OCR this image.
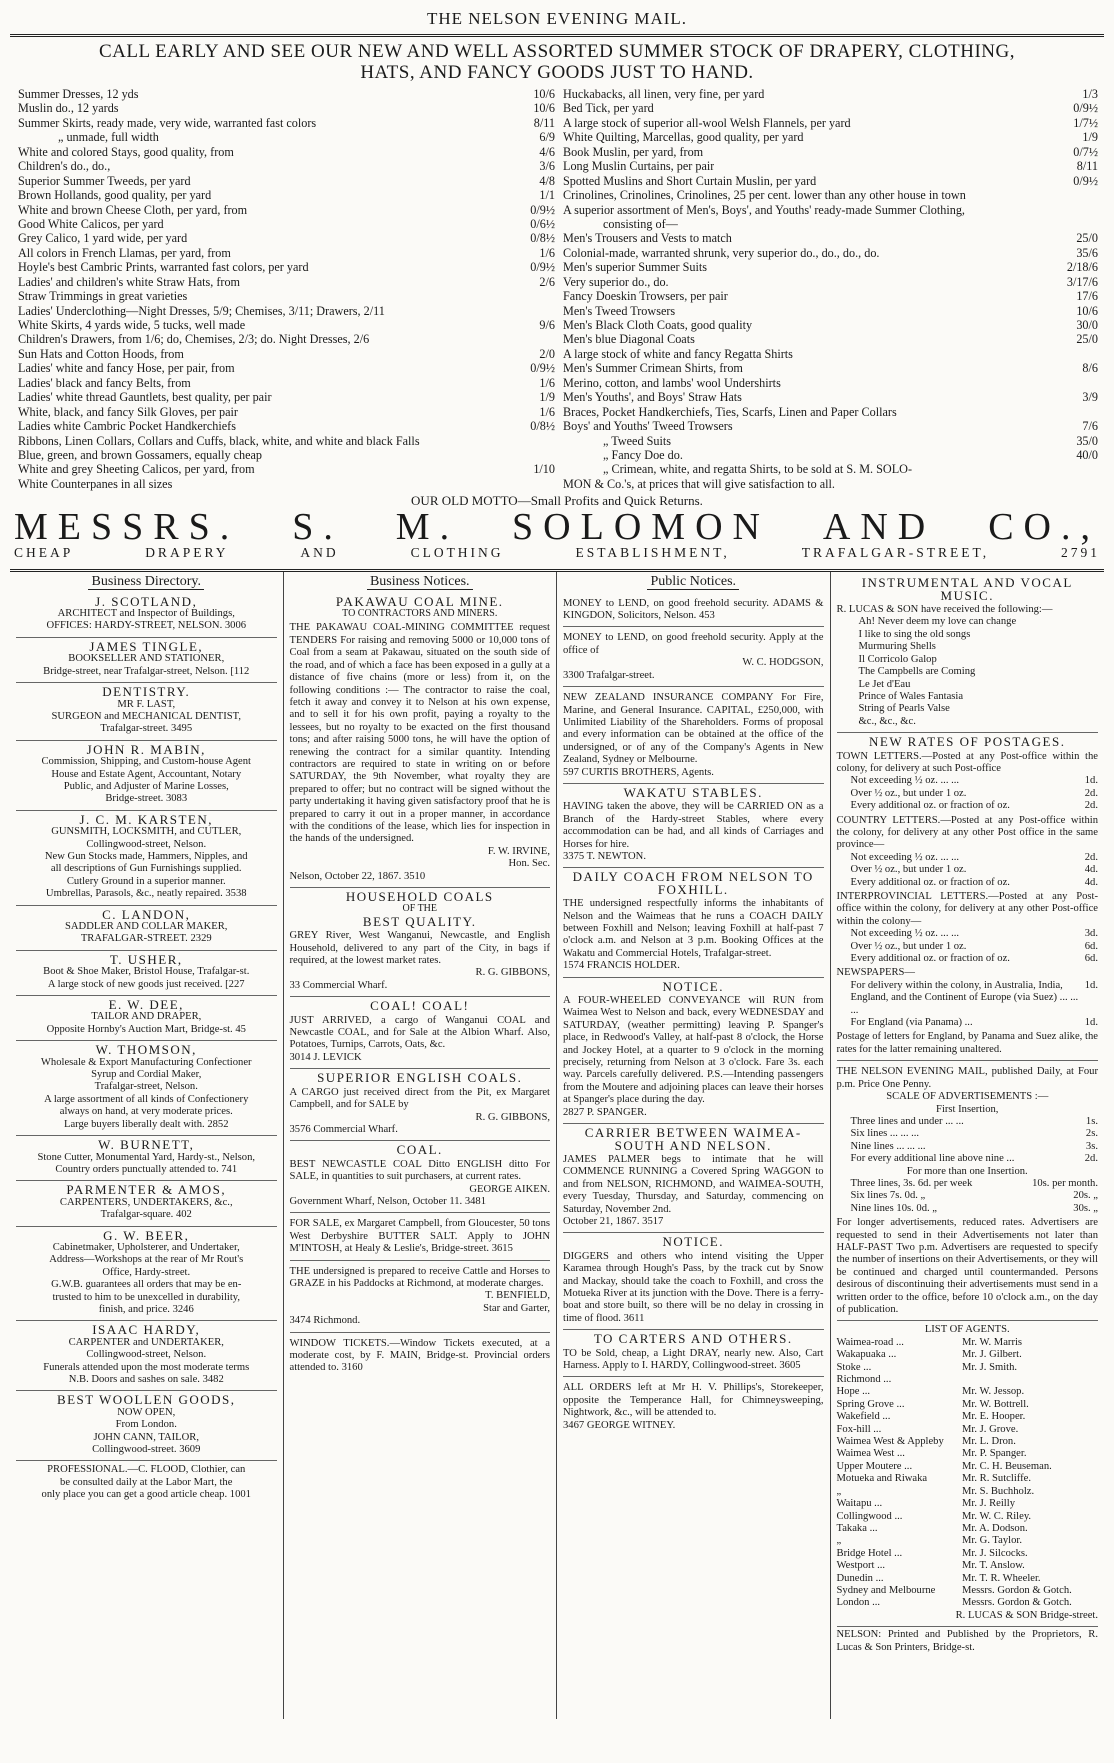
THE NELSON EVENING MAIL.
CALL EARLY AND SEE OUR NEW AND WELL ASSORTED SUMMER STOCK OF DRAPERY, CLOTHING,
HATS, AND FANCY GOODS JUST TO HAND.
Summer Dresses, 12 yds	10/6
Muslin do., 12 yards	10/6
Summer Skirts, ready made, very wide, warranted fast colors	8/11
„ unmade, full width	6/9
White and colored Stays, good quality, from	4/6
Children's do., do.,	3/6
Superior Summer Tweeds, per yard	4/8
Brown Hollands, good quality, per yard	1/1
White and brown Cheese Cloth, per yard, from	0/9½
Good White Calicos, per yard	0/6½
Grey Calico, 1 yard wide, per yard	0/8½
All colors in French Llamas, per yard, from	1/6
Hoyle's best Cambric Prints, warranted fast colors, per yard	0/9½
Ladies' and children's white Straw Hats, from	2/6
Straw Trimmings in great varieties
Ladies' Underclothing—Night Dresses, 5/9; Chemises, 3/11; Drawers, 2/11
White Skirts, 4 yards wide, 5 tucks, well made	9/6
Children's Drawers, from 1/6; do, Chemises, 2/3; do. Night Dresses, 2/6
Sun Hats and Cotton Hoods, from	2/0
Ladies' white and fancy Hose, per pair, from	0/9½
Ladies' black and fancy Belts, from	1/6
Ladies' white thread Gauntlets, best quality, per pair	1/9
White, black, and fancy Silk Gloves, per pair	1/6
Ladies white Cambric Pocket Handkerchiefs	0/8½
Ribbons, Linen Collars, Collars and Cuffs, black, white, and white and black Falls
Blue, green, and brown Gossamers, equally cheap
White and grey Sheeting Calicos, per yard, from	1/10
White Counterpanes in all sizes
Huckabacks, all linen, very fine, per yard	1/3
Bed Tick, per yard	0/9½
A large stock of superior all-wool Welsh Flannels, per yard	1/7½
White Quilting, Marcellas, good quality, per yard	1/9
Book Muslin, per yard, from	0/7½
Long Muslin Curtains, per pair	8/11
Spotted Muslins and Short Curtain Muslin, per yard	0/9½
Crinolines, Crinolines, Crinolines, 25 per cent. lower than any other house in town
A superior assortment of Men's, Boys', and Youths' ready-made Summer Clothing,
consisting of—
Men's Trousers and Vests to match	25/0
Colonial-made, warranted shrunk, very superior do., do., do., do.	35/6
Men's superior Summer Suits	2/18/6
Very superior do., do.	3/17/6
Fancy Doeskin Trowsers, per pair	17/6
Men's Tweed Trowsers	10/6
Men's Black Cloth Coats, good quality	30/0
Men's blue Diagonal Coats	25/0
A large stock of white and fancy Regatta Shirts
Men's Summer Crimean Shirts, from	8/6
Merino, cotton, and lambs' wool Undershirts
Men's Youths', and Boys' Straw Hats	3/9
Braces, Pocket Handkerchiefs, Ties, Scarfs, Linen and Paper Collars
Boys' and Youths' Tweed Trowsers	7/6
„ Tweed Suits	35/0
„ Fancy Doe do.	40/0
„ Crimean, white, and regatta Shirts, to be sold at S. M. SOLO-
MON & Co.'s, at prices that will give satisfaction to all.
OUR OLD MOTTO—Small Profits and Quick Returns.
MESSRS. S. M. SOLOMON AND CO.,
CHEAP	DRAPERY	AND	CLOTHING	ESTABLISHMENT,	TRAFALGAR-STREET,	2791
Business Directory.
J. SCOTLAND,
ARCHITECT and Inspector of Buildings,
OFFICES: HARDY-STREET, NELSON. 3006
JAMES TINGLE,
BOOKSELLER AND STATIONER,
Bridge-street, near Trafalgar-street, Nelson. [112
DENTISTRY.
MR F. LAST,
SURGEON and MECHANICAL DENTIST,
Trafalgar-street. 3495
JOHN R. MABIN,
Commission, Shipping, and Custom-house Agent
House and Estate Agent, Accountant, Notary
Public, and Adjuster of Marine Losses,
Bridge-street. 3083
J. C. M. KARSTEN,
GUNSMITH, LOCKSMITH, and CUTLER,
Collingwood-street, Nelson.
New Gun Stocks made, Hammers, Nipples, and
all descriptions of Gun Furnishings supplied.
Cutlery Ground in a superior manner.
Umbrellas, Parasols, &c., neatly repaired. 3538
C. LANDON,
SADDLER AND COLLAR MAKER,
TRAFALGAR-STREET. 2329
T. USHER,
Boot & Shoe Maker, Bristol House, Trafalgar-st.
A large stock of new goods just received. [227
E. W. DEE,
TAILOR AND DRAPER,
Opposite Hornby's Auction Mart, Bridge-st. 45
W. THOMSON,
Wholesale & Export Manufacturing Confectioner
Syrup and Cordial Maker,
Trafalgar-street, Nelson.
A large assortment of all kinds of Confectionery
always on hand, at very moderate prices.
Large buyers liberally dealt with. 2852
W. BURNETT,
Stone Cutter, Monumental Yard, Hardy-st., Nelson,
Country orders punctually attended to. 741
PARMENTER & AMOS,
CARPENTERS, UNDERTAKERS, &c.,
Trafalgar-square. 402
G. W. BEER,
Cabinetmaker, Upholsterer, and Undertaker,
Address—Workshops at the rear of Mr Rout's
Office, Hardy-street.
G.W.B. guarantees all orders that may be en-
trusted to him to be unexcelled in durability,
finish, and price. 3246
ISAAC HARDY,
CARPENTER and UNDERTAKER,
Collingwood-street, Nelson.
Funerals attended upon the most moderate terms
N.B. Doors and sashes on sale. 3482
BEST WOOLLEN GOODS,
NOW OPEN,
From London.
JOHN CANN, TAILOR,
Collingwood-street. 3609
PROFESSIONAL.—C. FLOOD, Clothier, can
be consulted daily at the Labor Mart, the
only place you can get a good article cheap. 1001
Business Notices.
PAKAWAU COAL MINE.
TO CONTRACTORS AND MINERS.
THE PAKAWAU COAL-MINING COMMITTEE request TENDERS For raising and removing 5000 or 10,000 tons of Coal from a seam at Pakawau, situated on the south side of the road, and of which a face has been exposed in a gully at a distance of five chains (more or less) from it, on the following conditions :— The contractor to raise the coal, fetch it away and convey it to Nelson at his own expense, and to sell it for his own profit, paying a royalty to the lessees, but no royalty to be exacted on the first thousand tons; and after raising 5000 tons, he will have the option of renewing the contract for a similar quantity. Intending contractors are required to state in writing on or before SATURDAY, the 9th November, what royalty they are prepared to offer; but no contract will be signed without the party undertaking it having given satisfactory proof that he is prepared to carry it out in a proper manner, in accordance with the conditions of the lease, which lies for inspection in the hands of the undersigned.
F. W. IRVINE,
Hon. Sec.
Nelson, October 22, 1867. 3510
HOUSEHOLD COALS
OF THE
BEST QUALITY.
GREY River, West Wanganui, Newcastle, and English Household, delivered to any part of the City, in bags if required, at the lowest market rates.
R. G. GIBBONS,
33 Commercial Wharf.
COAL! COAL!
JUST ARRIVED, a cargo of Wanganui COAL and Newcastle COAL, and for Sale at the Albion Wharf. Also, Potatoes, Turnips, Carrots, Oats, &c.
3014 J. LEVICK
SUPERIOR ENGLISH COALS.
A CARGO just received direct from the Pit, ex Margaret Campbell, and for SALE by
R. G. GIBBONS,
3576 Commercial Wharf.
COAL.
BEST NEWCASTLE COAL Ditto ENGLISH ditto For SALE, in quantities to suit purchasers, at current rates.
GEORGE AIKEN.
Government Wharf, Nelson, October 11. 3481
FOR SALE, ex Margaret Campbell, from Gloucester, 50 tons West Derbyshire BUTTER SALT. Apply to JOHN M'INTOSH, at Healy & Leslie's, Bridge-street. 3615
THE undersigned is prepared to receive Cattle and Horses to GRAZE in his Paddocks at Richmond, at moderate charges.
T. BENFIELD,
Star and Garter,
3474 Richmond.
WINDOW TICKETS.—Window Tickets executed, at a moderate cost, by F. MAIN, Bridge-st. Provincial orders attended to. 3160
Public Notices.
MONEY to LEND, on good freehold security. ADAMS & KINGDON, Solicitors, Nelson. 453
MONEY to LEND, on good freehold security. Apply at the office of
W. C. HODGSON,
3300 Trafalgar-street.
NEW ZEALAND INSURANCE COMPANY For Fire, Marine, and General Insurance. CAPITAL, £250,000, with Unlimited Liability of the Shareholders. Forms of proposal and every information can be obtained at the office of the undersigned, or of any of the Company's Agents in New Zealand, Sydney or Melbourne.
597 CURTIS BROTHERS, Agents.
WAKATU STABLES.
HAVING taken the above, they will be CARRIED ON as a Branch of the Hardy-street Stables, where every accommodation can be had, and all kinds of Carriages and Horses for hire.
3375 T. NEWTON.
DAILY COACH FROM NELSON TO FOXHILL.
THE undersigned respectfully informs the inhabitants of Nelson and the Waimeas that he runs a COACH DAILY between Foxhill and Nelson; leaving Foxhill at half-past 7 o'clock a.m. and Nelson at 3 p.m. Booking Offices at the Wakatu and Commercial Hotels, Trafalgar-street.
1574 FRANCIS HOLDER.
NOTICE.
A FOUR-WHEELED CONVEYANCE will RUN from Waimea West to Nelson and back, every WEDNESDAY and SATURDAY, (weather permitting) leaving P. Spanger's place, in Redwood's Valley, at half-past 8 o'clock, the Horse and Jockey Hotel, at a quarter to 9 o'clock in the morning precisely, returning from Nelson at 3 o'clock. Fare 3s. each way. Parcels carefully delivered. P.S.—Intending passengers from the Moutere and adjoining places can leave their horses at Spanger's place during the day.
2827 P. SPANGER.
CARRIER BETWEEN WAIMEA-SOUTH AND NELSON.
JAMES PALMER begs to intimate that he will COMMENCE RUNNING a Covered Spring WAGGON to and from NELSON, RICHMOND, and WAIMEA-SOUTH, every Tuesday, Thursday, and Saturday, commencing on Saturday, November 2nd.
October 21, 1867. 3517
NOTICE.
DIGGERS and others who intend visiting the Upper Karamea through Hough's Pass, by the track cut by Snow and Mackay, should take the coach to Foxhill, and cross the Motueka River at its junction with the Dove. There is a ferry-boat and store built, so there will be no delay in crossing in time of flood. 3611
TO CARTERS AND OTHERS.
TO be Sold, cheap, a Light DRAY, nearly new. Also, Cart Harness. Apply to I. HARDY, Collingwood-street. 3605
ALL ORDERS left at Mr H. V. Phillips's, Storekeeper, opposite the Temperance Hall, for Chimneysweeping, Nightwork, &c., will be attended to.
3467 GEORGE WITNEY.
INSTRUMENTAL AND VOCAL MUSIC.
R. LUCAS & SON have received the following:—
Ah! Never deem my love can change
I like to sing the old songs
Murmuring Shells
Il Corricolo Galop
The Campbells are Coming
Le Jet d'Eau
Prince of Wales Fantasia
String of Pearls Valse
&c., &c., &c.
NEW RATES OF POSTAGES.
TOWN LETTERS.—Posted at any Post-office within the colony, for delivery at such Post-office
Not exceeding ½ oz. ... ...	1d.
Over ½ oz., but under 1 oz.	2d.
Every additional oz. or fraction of oz.	2d.
COUNTRY LETTERS.—Posted at any Post-office within the colony, for delivery at any other Post office in the same province—
Not exceeding ½ oz. ... ...	2d.
Over ½ oz., but under 1 oz.	4d.
Every additional oz. or fraction of oz.	4d.
INTERPROVINCIAL LETTERS.—Posted at any Post-office within the colony, for delivery at any other Post-office within the colony—
Not exceeding ½ oz. ... ...	3d.
Over ½ oz., but under 1 oz.	6d.
Every additional oz. or fraction of oz.	6d.
NEWSPAPERS—
For delivery within the colony, in Australia, India, England, and the Continent of Europe (via Suez) ... ... ...
1d.
For England (via Panama) ...	1d.
Postage of letters for England, by Panama and Suez alike, the rates for the latter remaining unaltered.
THE NELSON EVENING MAIL, published Daily, at Four p.m. Price One Penny.
SCALE OF ADVERTISEMENTS :—
First Insertion,
Three lines and under ... ...	1s.
Six lines ... ... ...	2s.
Nine lines ... ... ...	3s.
For every additional line above nine ...	2d.
For more than one Insertion.
Three lines, 3s. 6d. per week	10s. per month.
Six lines 7s. 0d. „	20s. „
Nine lines 10s. 0d. „	30s. „
For longer advertisements, reduced rates. Advertisers are requested to send in their Advertisements not later than HALF-PAST Two p.m. Advertisers are requested to specify the number of insertions on their Advertisements, or they will be continued and charged until countermanded. Persons desirous of discontinuing their advertisements must send in a written order to the office, before 10 o'clock a.m., on the day of publication.
LIST OF AGENTS.
Waimea-road ...	Mr. W. Marris
Wakapuaka ...	Mr. J. Gilbert.
Stoke ...	Mr. J. Smith.
Richmond ...
Hope ...	Mr. W. Jessop.
Spring Grove ...	Mr. W. Bottrell.
Wakefield ...	Mr. E. Hooper.
Fox-hill ...	Mr. J. Grove.
Waimea West & Appleby	Mr. L. Dron.
Waimea West ...	Mr. P. Spanger.
Upper Moutere ...	Mr. C. H. Beuseman.
Motueka and Riwaka	Mr. R. Sutcliffe.
„	Mr. S. Buchholz.
Waitapu ...	Mr. J. Reilly
Collingwood ...	Mr. W. C. Riley.
Takaka ...	Mr. A. Dodson.
„	Mr. G. Taylor.
Bridge Hotel ...	Mr. J. Silcocks.
Westport ...	Mr. T. Anslow.
Dunedin ...	Mr. T. R. Wheeler.
Sydney and Melbourne	Messrs. Gordon & Gotch.
London ...	Messrs. Gordon & Gotch.
R. LUCAS & SON Bridge-street.
NELSON: Printed and Published by the Proprietors, R. Lucas & Son Printers, Bridge-st.
